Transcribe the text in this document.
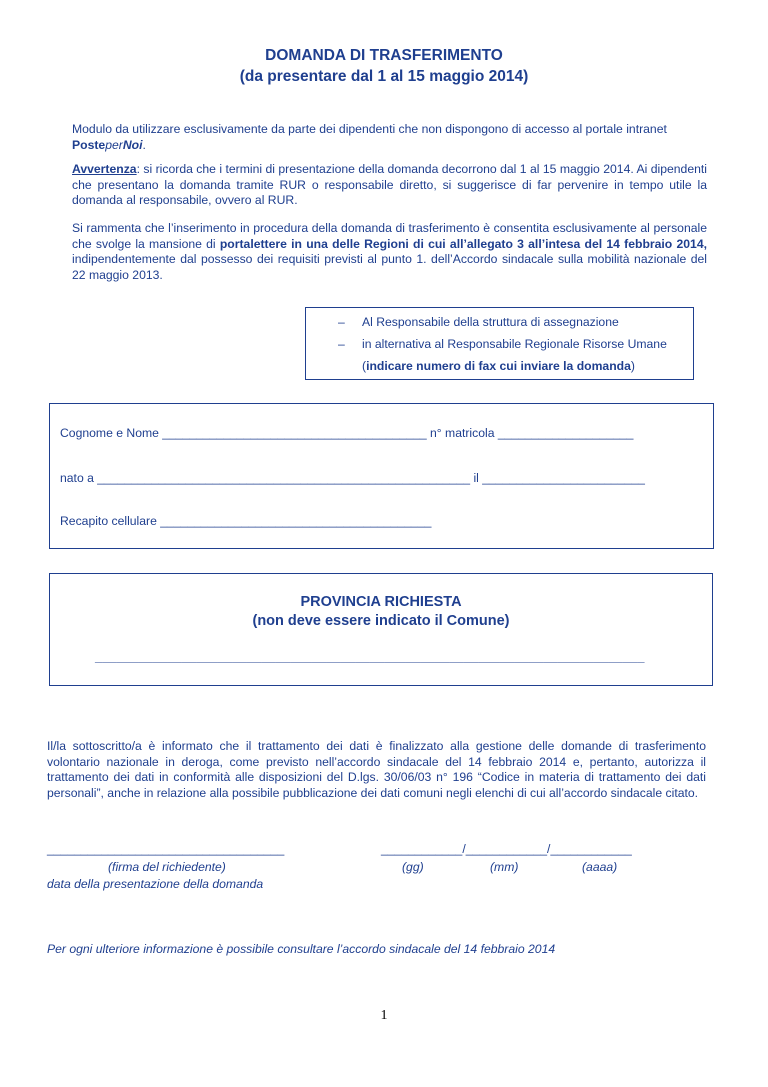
DOMANDA DI TRASFERIMENTO
(da presentare dal 1 al 15 maggio 2014)
Modulo da utilizzare esclusivamente da parte dei dipendenti che non dispongono di accesso al portale intranet
PosteperNoi.
Avvertenza: si ricorda che i termini di presentazione della domanda decorrono dal 1 al 15 maggio 2014. Ai dipendenti che presentano la domanda tramite RUR o responsabile diretto, si suggerisce di far pervenire in tempo utile la domanda al responsabile, ovvero al RUR.
Si rammenta che l’inserimento in procedura della domanda di trasferimento è consentita esclusivamente al personale che svolge la mansione di portalettere in una delle Regioni di cui all’allegato 3 all’intesa del 14 febbraio 2014, indipendentemente dal possesso dei requisiti previsti al punto 1. dell’Accordo sindacale sulla mobilità nazionale del 22 maggio 2013.
– Al Responsabile della struttura di assegnazione
– in alternativa al Responsabile Regionale Risorse Umane
(indicare numero di fax cui inviare la domanda)
Cognome e Nome _______________________________________ n° matricola ____________________
nato a _______________________________________________________ il ________________________
Recapito cellulare ________________________________________
PROVINCIA RICHIESTA
(non deve essere indicato il Comune)
____________________________________________________________________________
Il/la sottoscritto/a è informato che il trattamento dei dati è finalizzato alla gestione delle domande di trasferimento volontario nazionale in deroga, come previsto nell’accordo sindacale del 14 febbraio 2014 e, pertanto, autorizza il trattamento dei dati in conformità alle disposizioni del D.lgs. 30/06/03 n° 196 “Codice in materia di trattamento dei dati personali”, anche in relazione alla possibile pubblicazione dei dati comuni negli elenchi di cui all’accordo sindacale citato.
___________________________________
(firma del richiedente)
____________/____________/____________
(gg)	(mm)	(aaaa)
data della presentazione della domanda
Per ogni ulteriore informazione è possibile consultare l’accordo sindacale del 14 febbraio 2014
1
